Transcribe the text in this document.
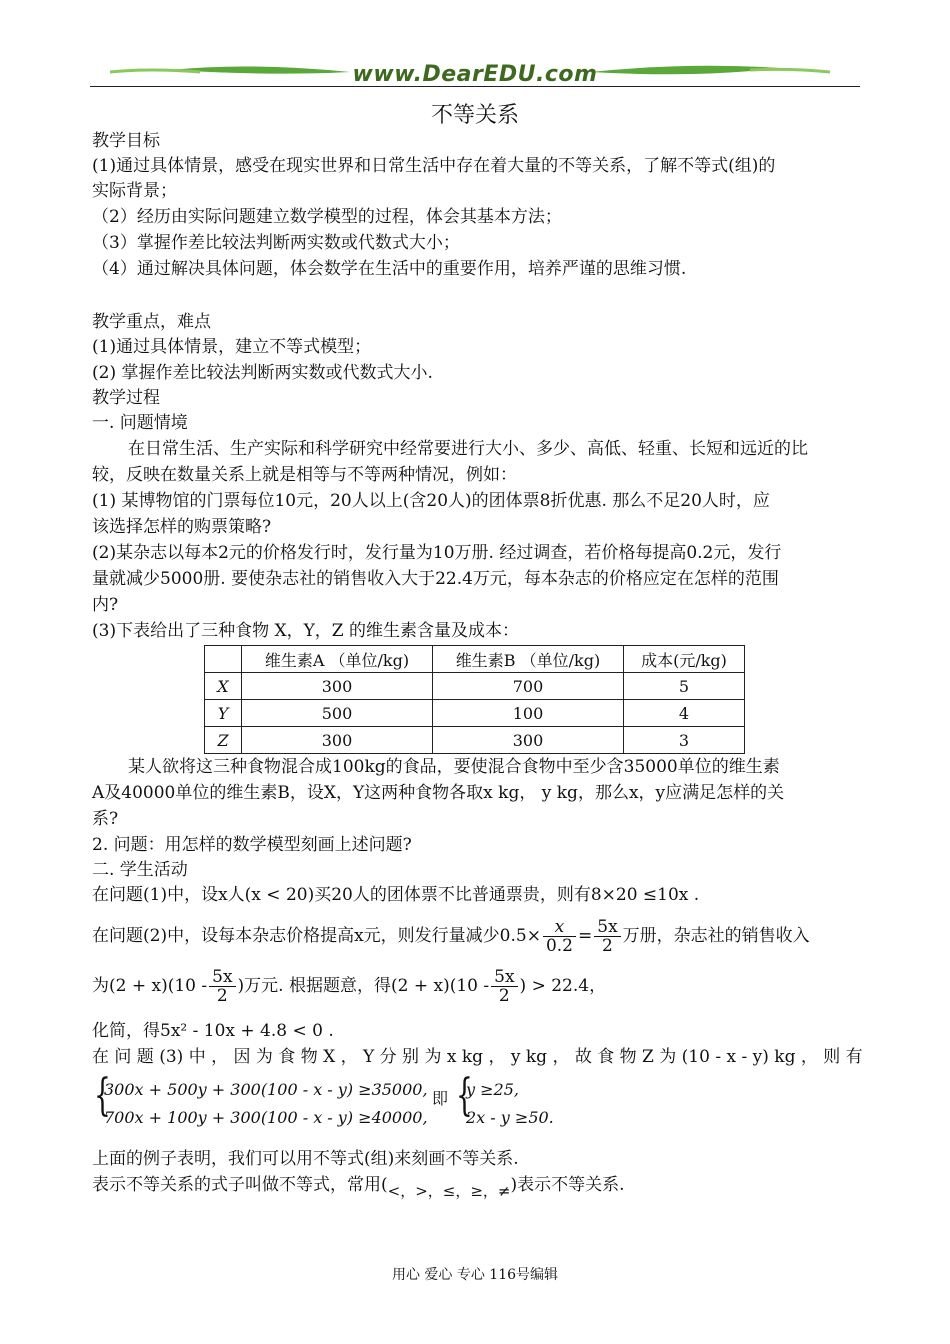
www.DearEDU.com
不等关系
教学目标
(1)通过具体情景，感受在现实世界和日常生活中存在着大量的不等关系，了解不等式(组)的
实际背景；
（2）经历由实际问题建立数学模型的过程，体会其基本方法；
（3）掌握作差比较法判断两实数或代数式大小；
（4）通过解决具体问题，体会数学在生活中的重要作用，培养严谨的思维习惯.
教学重点，难点
(1)通过具体情景，建立不等式模型；
(2) 掌握作差比较法判断两实数或代数式大小.
教学过程
一. 问题情境
在日常生活、生产实际和科学研究中经常要进行大小、多少、高低、轻重、长短和远近的比
较，反映在数量关系上就是相等与不等两种情况，例如：
(1) 某博物馆的门票每位10元，20人以上(含20人)的团体票8折优惠. 那么不足20人时，应
该选择怎样的购票策略?
(2)某杂志以每本2元的价格发行时，发行量为10万册. 经过调查，若价格每提高0.2元，发行
量就减少5000册. 要使杂志社的销售收入大于22.4万元，每本杂志的价格应定在怎样的范围
内?
(3)下表给出了三种食物 X，Y，Z 的维生素含量及成本：
	维生素A （单位/kg)	维生素B （单位/kg)	成本(元/kg)
X	300	700	5
Y	500	100	4
Z	300	300	3
某人欲将这三种食物混合成100kg的食品，要使混合食物中至少含35000单位的维生素
A及40000单位的维生素B，设X，Y这两种食物各取x kg， y kg，那么x，y应满足怎样的关
系?
2. 问题：用怎样的数学模型刻画上述问题?
二. 学生活动
在问题(1)中，设x人(x < 20)买20人的团体票不比普通票贵，则有8×20 ≤10x .
在问题(2)中，设每本杂志价格提高x元，则发行量减少$0.5\times \frac{x}{0.2} = \frac{5x}{2}$ 万册，杂志社的销售收入
为$(2 + x)(10 - \frac{5x}{2}$ )万元. 根据题意，得$(2 + x)(10 - \frac{5x}{2}$ ) > 22.4，
化简，得5x² - 10x + 4.8 < 0 .
在 问 题 (3) 中 ， 因 为 食 物 X ， Y 分 别 为 x kg ， y kg ， 故 食 物 Z 为 (10 - x - y) kg ， 则 有
{
300x + 500y + 300(100 - x - y) ≥35000,
700x + 100y + 300(100 - x - y) ≥40000,
即 {
y ≥25,
2x - y ≥50.
上面的例子表明，我们可以用不等式(组)来刻画不等关系.
表示不等关系的式子叫做不等式，常用(<，>，≤，≥，≠)表示不等关系.
用心 爱心 专心 116号编辑
